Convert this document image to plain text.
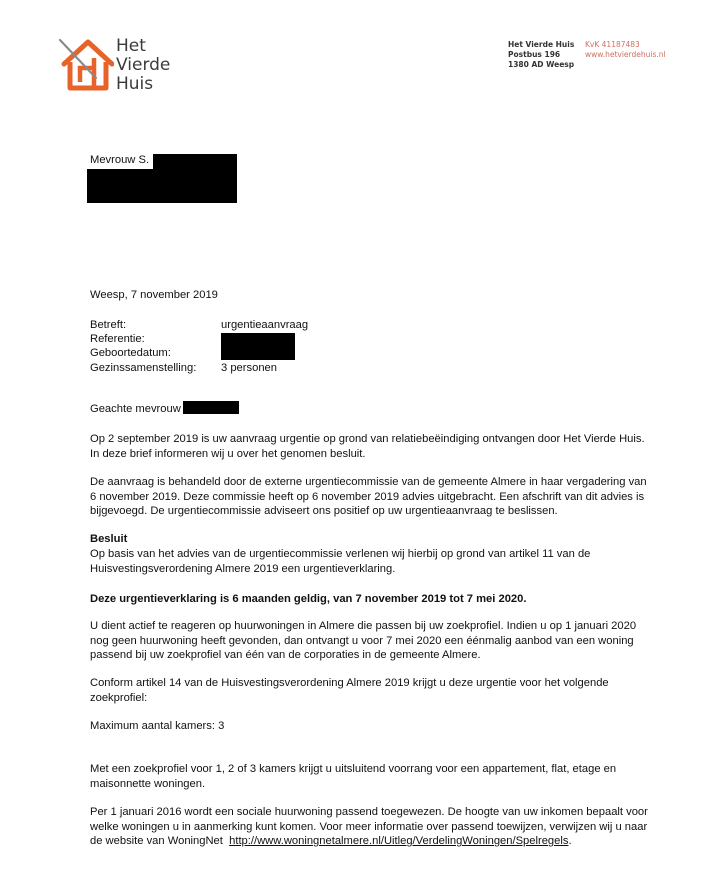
Het
Vierde
Huis
Het Vierde Huis
Postbus 196
1380 AD Weesp
KvK 41187483
www.hetvierdehuis.nl
Mevrouw S.
Weesp, 7 november 2019
Betreft:	urgentieaanvraag
Referentie:
Geboortedatum:
Gezinssamenstelling: 3 personen
Geachte mevrouw
Op 2 september 2019 is uw aanvraag urgentie op grond van relatiebeëindiging ontvangen door Het Vierde Huis.
In deze brief informeren wij u over het genomen besluit.
De aanvraag is behandeld door de externe urgentiecommissie van de gemeente Almere in haar vergadering van
6 november 2019. Deze commissie heeft op 6 november 2019 advies uitgebracht. Een afschrift van dit advies is
bijgevoegd. De urgentiecommissie adviseert ons positief op uw urgentieaanvraag te beslissen.
Besluit
Op basis van het advies van de urgentiecommissie verlenen wij hierbij op grond van artikel 11 van de
Huisvestingsverordening Almere 2019 een urgentieverklaring.
Deze urgentieverklaring is 6 maanden geldig, van 7 november 2019 tot 7 mei 2020.
U dient actief te reageren op huurwoningen in Almere die passen bij uw zoekprofiel. Indien u op 1 januari 2020
nog geen huurwoning heeft gevonden, dan ontvangt u voor 7 mei 2020 een éénmalig aanbod van een woning
passend bij uw zoekprofiel van één van de corporaties in de gemeente Almere.
Conform artikel 14 van de Huisvestingsverordening Almere 2019 krijgt u deze urgentie voor het volgende
zoekprofiel:
Maximum aantal kamers: 3
Met een zoekprofiel voor 1, 2 of 3 kamers krijgt u uitsluitend voorrang voor een appartement, flat, etage en
maisonnette woningen.
Per 1 januari 2016 wordt een sociale huurwoning passend toegewezen. De hoogte van uw inkomen bepaalt voor
welke woningen u in aanmerking kunt komen. Voor meer informatie over passend toewijzen, verwijzen wij u naar
de website van WoningNet http://www.woningnetalmere.nl/Uitleg/VerdelingWoningen/Spelregels.
